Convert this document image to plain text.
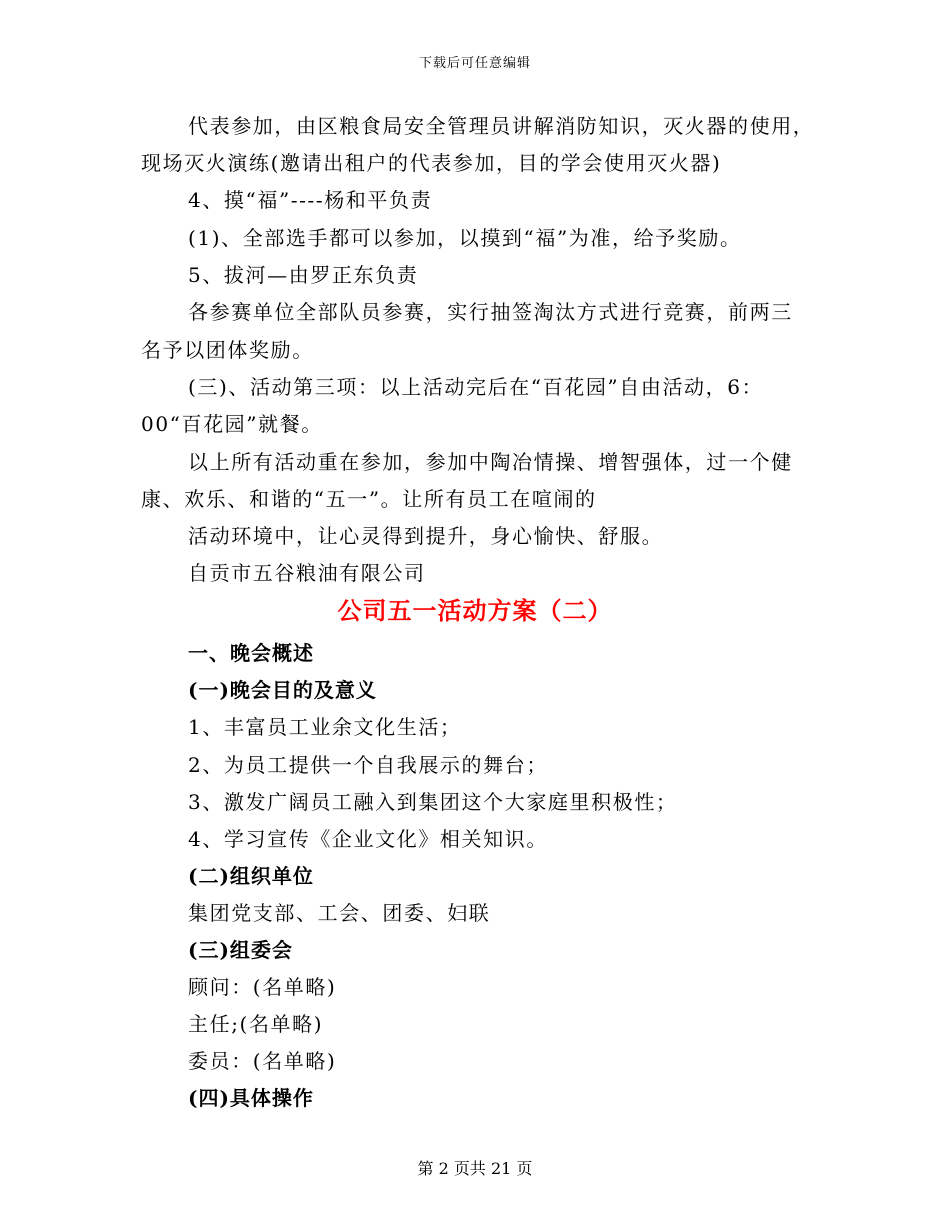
下载后可任意编辑
代表参加，由区粮食局安全管理员讲解消防知识，灭火器的使用，
现场灭火演练(邀请出租户的代表参加，目的学会使用灭火器)
4、摸“福”----杨和平负责
(1)、全部选手都可以参加，以摸到“福”为准，给予奖励。
5、拔河—由罗正东负责
各参赛单位全部队员参赛，实行抽签淘汰方式进行竞赛，前两三
名予以团体奖励。
(三)、活动第三项：以上活动完后在“百花园”自由活动，6：
00“百花园”就餐。
以上所有活动重在参加，参加中陶冶情操、增智强体，过一个健
康、欢乐、和谐的“五一”。让所有员工在喧闹的
活动环境中，让心灵得到提升，身心愉快、舒服。
自贡市五谷粮油有限公司
公司五一活动方案（二）
一、晚会概述
(一)晚会目的及意义
1、丰富员工业余文化生活；
2、为员工提供一个自我展示的舞台；
3、激发广阔员工融入到集团这个大家庭里积极性；
4、学习宣传《企业文化》相关知识。
(二)组织单位
集团党支部、工会、团委、妇联
(三)组委会
顾问：(名单略)
主任;(名单略)
委员：(名单略)
(四)具体操作
第 2 页共 21 页
